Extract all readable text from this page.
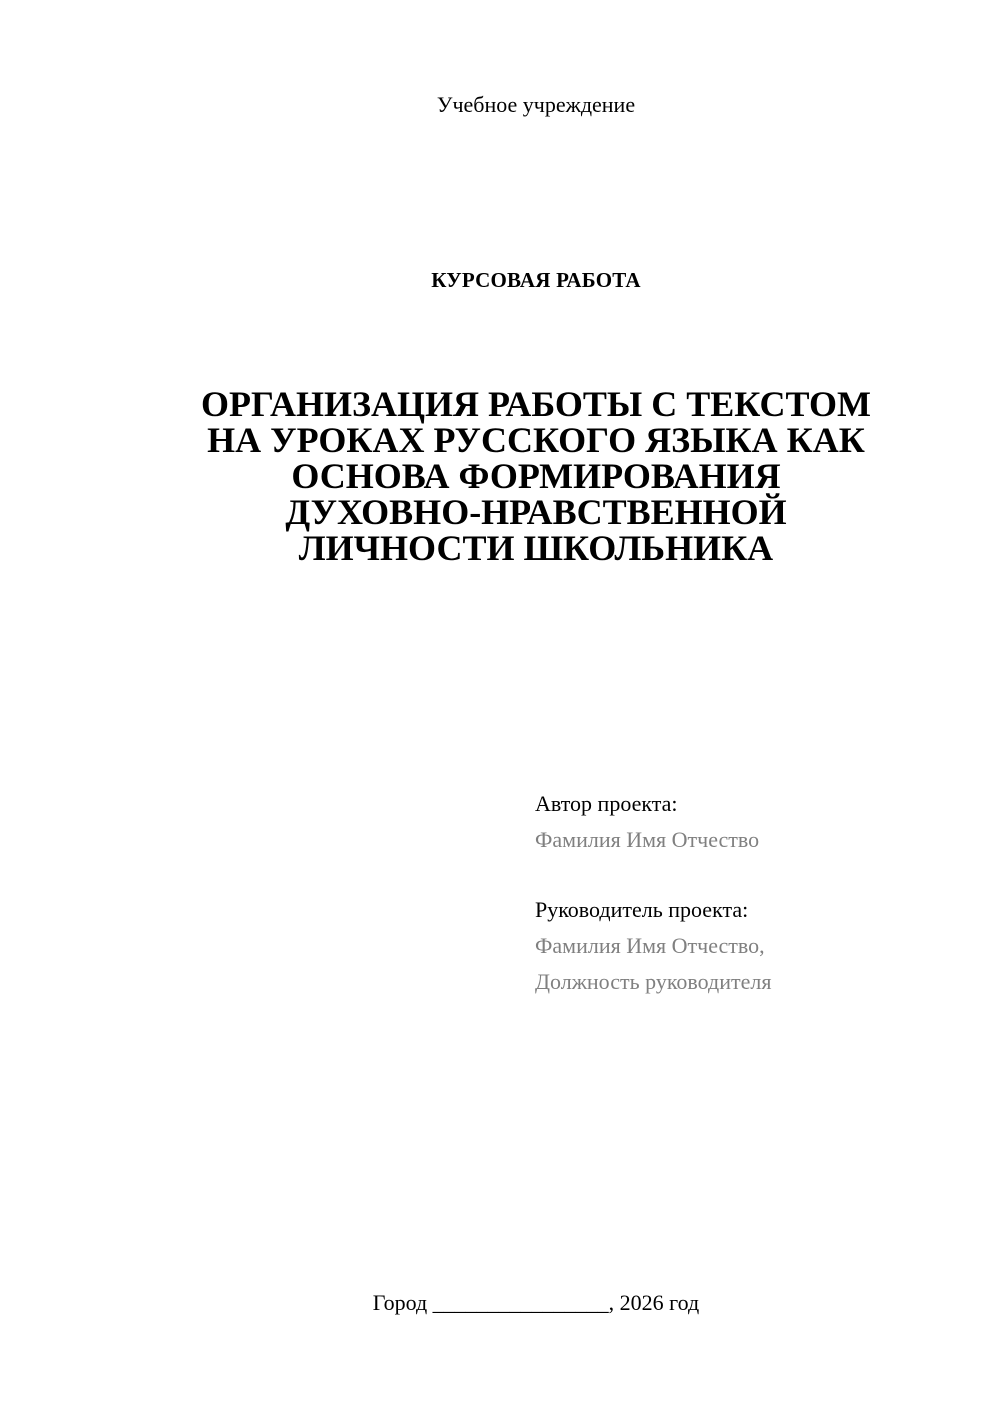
Учебное учреждение
КУРСОВАЯ РАБОТА
ОРГАНИЗАЦИЯ РАБОТЫ С ТЕКСТОМ
НА УРОКАХ РУССКОГО ЯЗЫКА КАК
ОСНОВА ФОРМИРОВАНИЯ
ДУХОВНО-НРАВСТВЕННОЙ
ЛИЧНОСТИ ШКОЛЬНИКА
Автор проекта:
Фамилия Имя Отчество
Руководитель проекта:
Фамилия Имя Отчество,
Должность руководителя
Город ________________, 2026 год
